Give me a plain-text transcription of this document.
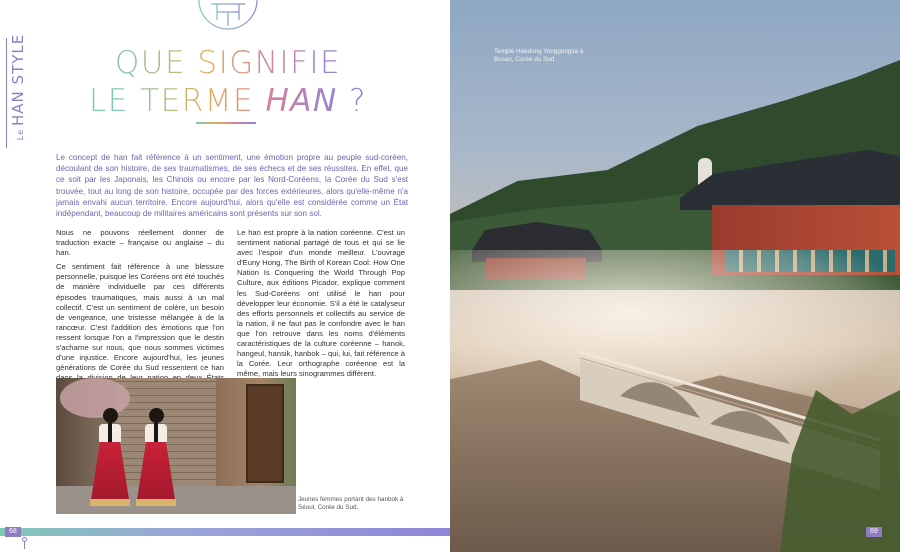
Le
QUE SIGNIFIE
LE TERME HAN ?
Le concept de han fait référence à un sentiment, une émotion propre au peuple sud-coréen, découlant de son histoire, de ses traumatismes, de ses échecs et de ses réussites. En effet, que ce soit par les Japonais, les Chinois ou encore par les Nord-Coréens, la Corée du Sud s'est trouvée, tout au long de son histoire, occupée par des forces extérieures, alors qu'elle-même n'a jamais envahi aucun territoire. Encore aujourd'hui, alors qu'elle est considérée comme un État indépendant, beaucoup de militaires américains sont présents sur son sol.

Nous ne pouvons réellement donner de traduction exacte – française ou anglaise – du han.

Ce sentiment fait référence à une blessure personnelle, puisque les Coréens ont été touchés de manière individuelle par ces différents épisodes traumatiques, mais aussi à un mal collectif. C'est un sentiment de colère, un besoin de vengeance, une tristesse mélangée à de la rancœur. C'est l'addition des émotions que l'on ressent lorsque l'on a l'impression que le destin s'acharne sur nous, que nous sommes victimes d'une injustice. Encore aujourd'hui, les jeunes générations de Corée du Sud ressentent ce han

Le han est propre à la nation coréenne. C'est un sentiment national partagé de tous et qui se lie avec l'espoir d'un monde meilleur. L'ouvrage d'Euny Hong, The Birth of Korean Cool: How One Nation Is Conquering the World Through Pop Culture, aux éditions Picador, explique comment les Sud-Coréens ont utilisé le han pour développer leur économie. S'il a été le catalyseur des efforts personnels et collectifs au service de la nation, il ne faut pas le confondre avec le han que l'on retrouve dans les noms d'éléments caractéristiques de la culture coréenne – hanok, hangeul, hansik, hanbok – qui, lui, fait référence à la Corée. Leur orthographe coréenne est la même, mais leurs sinogrammes diffèrent.

Jeunes femmes portant des hanbok à Séoul, Corée du Sud.
68
Temple Haedong Yonggungsa à Busan, Corée du Sud.
69
